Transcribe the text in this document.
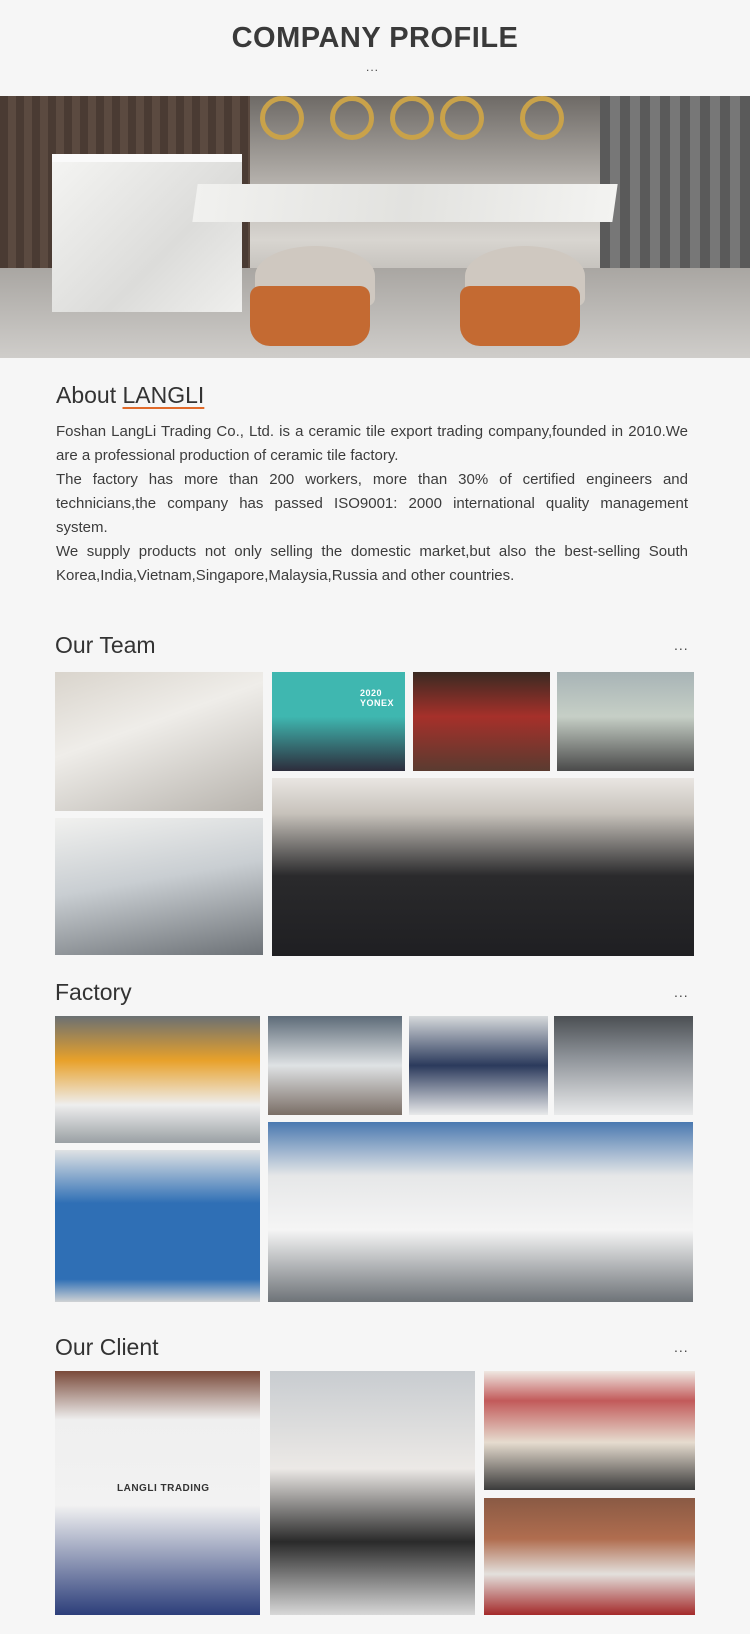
COMPANY PROFILE
...
About LANGLI

Foshan LangLi Trading Co., Ltd. is a ceramic tile export trading company,founded in 2010.We are a professional production of ceramic tile factory.

The factory has more than 200 workers, more than 30% of certified engineers and technicians,the company has passed ISO9001: 2000 international quality management system.

We supply products not only selling the domestic market,but also the best-selling South Korea,India,Vietnam,Singapore,Malaysia,Russia and other countries.

Our Team	...
2020 YONEX
Factory	...
Our Client	...
LANGLI TRADING
